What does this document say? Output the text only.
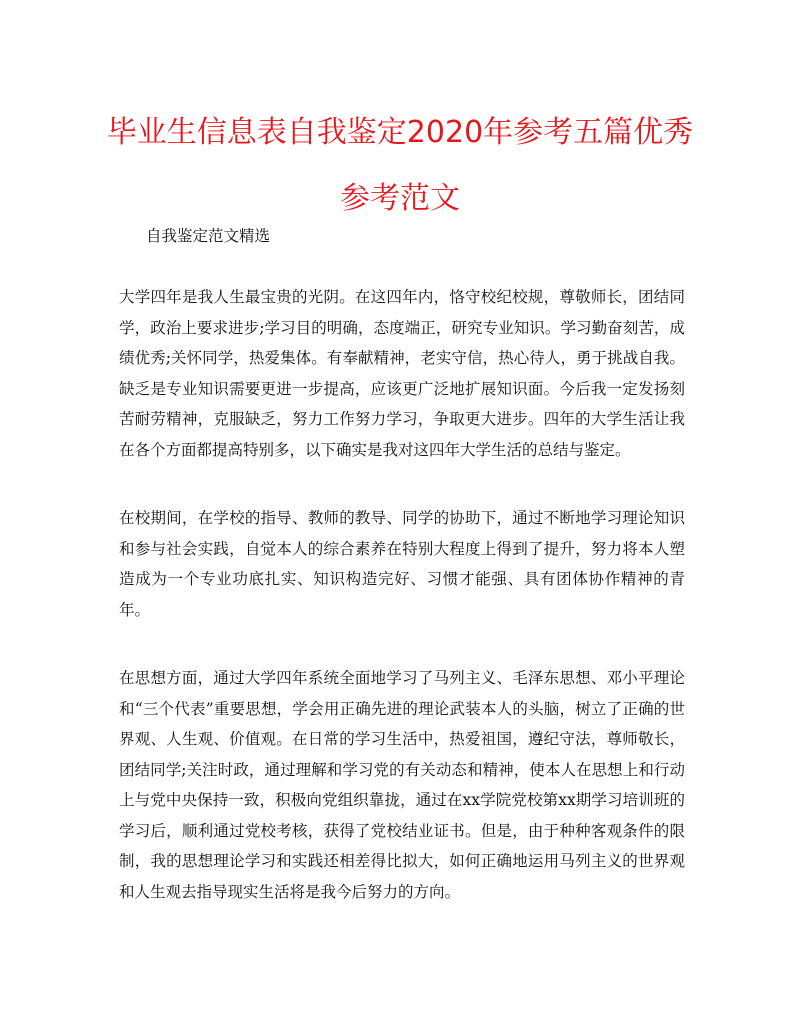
毕业生信息表自我鉴定2020年参考五篇优秀参考范文

自我鉴定范文精选

大学四年是我人生最宝贵的光阴。在这四年内，恪守校纪校规，尊敬师长，团结同学，政治上要求进步;学习目的明确，态度端正，研究专业知识。学习勤奋刻苦，成绩优秀;关怀同学，热爱集体。有奉献精神，老实守信，热心待人，勇于挑战自我。缺乏是专业知识需要更进一步提高，应该更广泛地扩展知识面。今后我一定发扬刻苦耐劳精神，克服缺乏，努力工作努力学习，争取更大进步。四年的大学生活让我在各个方面都提高特别多，以下确实是我对这四年大学生活的总结与鉴定。

在校期间，在学校的指导、教师的教导、同学的协助下，通过不断地学习理论知识和参与社会实践，自觉本人的综合素养在特别大程度上得到了提升，努力将本人塑造成为一个专业功底扎实、知识构造完好、习惯才能强、具有团体协作精神的青年。

在思想方面，通过大学四年系统全面地学习了马列主义、毛泽东思想、邓小平理论和“三个代表”重要思想，学会用正确先进的理论武装本人的头脑，树立了正确的世界观、人生观、价值观。在日常的学习生活中，热爱祖国，遵纪守法，尊师敬长，团结同学;关注时政，通过理解和学习党的有关动态和精神，使本人在思想上和行动上与党中央保持一致，积极向党组织靠拢，通过在xx学院党校第xx期学习培训班的学习后，顺利通过党校考核，获得了党校结业证书。但是，由于种种客观条件的限制，我的思想理论学习和实践还相差得比拟大，如何正确地运用马列主义的世界观和人生观去指导现实生活将是我今后努力的方向。
